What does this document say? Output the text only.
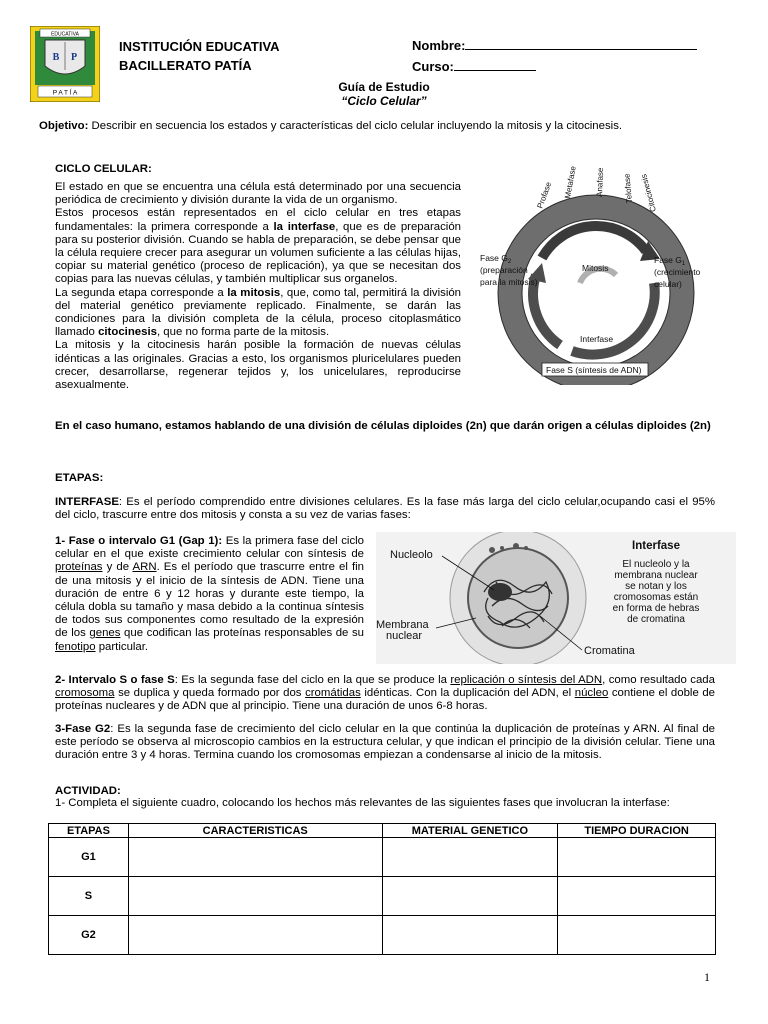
EDUCATIVA
B P
P A T Í A
INSTITUCIÓN EDUCATIVA
BACILLERATO PATÍA
Nombre:
Curso:
Guía de Estudio
“Ciclo Celular”

Objetivo: Describir en secuencia los estados y características del ciclo celular incluyendo la mitosis y la citocinesis.

CICLO CELULAR:

El estado en que se encuentra una célula está determinado por una secuencia periódica de crecimiento y división durante la vida de un organismo.

Estos procesos están representados en el ciclo celular en tres etapas fundamentales: la primera corresponde a la interfase, que es de preparación para su posterior división. Cuando se habla de preparación, se debe pensar que la célula requiere crecer para asegurar un volumen suficiente a las células hijas, copiar su material genético (proceso de replicación), ya que se necesitan dos copias para las nuevas células, y también multiplicar sus organelos.

La segunda etapa corresponde a la mitosis, que, como tal, permitirá la división del material genético previamente replicado. Finalmente, se darán las condiciones para la división completa de la célula, proceso citoplasmático llamado citocinesis, que no forma parte de la mitosis.

La mitosis y la citocinesis harán posible la formación de nuevas células idénticas a las originales. Gracias a esto, los organismos pluricelulares pueden crecer, desarrollarse, regenerar tejidos y, los unicelulares, reproducirse asexualmente.

Profase Metafase Anafase Telofase Citocinesis
Mitosis
Interfase
Fase $G_2$
(preparación
para la mitosis)
Fase $G_1$
(crecimiento
celular)
Fase S (síntesis de ADN)

En el caso humano, estamos hablando de una división de células diploides (2n) que darán origen a células diploides (2n)

ETAPAS:

INTERFASE: Es el período comprendido entre divisiones celulares. Es la fase más larga del ciclo celular,ocupando casi el 95% del ciclo, trascurre entre dos mitosis y consta a su vez de varias fases:

1- Fase o intervalo G1 (Gap 1): Es la primera fase del ciclo celular en el que existe crecimiento celular con síntesis de proteínas y de ARN. Es el período que trascurre entre el fin de una mitosis y el inicio de la síntesis de ADN. Tiene una duración de entre 6 y 12 horas y durante este tiempo, la célula dobla su tamaño y masa debido a la continua síntesis de todos sus componentes como resultado de la expresión de los genes que codifican las proteínas responsables de su fenotipo particular.

Nucleolo
Membrana
nuclear
Cromatina
Interfase
El nucleolo y la
membrana nuclear
se notan y los
cromosomas están
en forma de hebras
de cromatina

2- Intervalo S o fase S: Es la segunda fase del ciclo en la que se produce la replicación o síntesis del ADN, como resultado cada cromosoma se duplica y queda formado por dos cromátidas idénticas. Con la duplicación del ADN, el núcleo contiene el doble de proteínas nucleares y de ADN que al principio. Tiene una duración de unos 6-8 horas.

3-Fase G2: Es la segunda fase de crecimiento del ciclo celular en la que continúa la duplicación de proteínas y ARN. Al final de este período se observa al microscopio cambios en la estructura celular, y que indican el principio de la división celular. Tiene una duración entre 3 y 4 horas. Termina cuando los cromosomas empiezan a condensarse al inicio de la mitosis.

ACTIVIDAD:

1- Completa el siguiente cuadro, colocando los hechos más relevantes de las siguientes fases que involucran la interfase:

ETAPAS	CARACTERISTICAS	MATERIAL GENETICO	TIEMPO DURACION
G1			
S			
G2			
1
